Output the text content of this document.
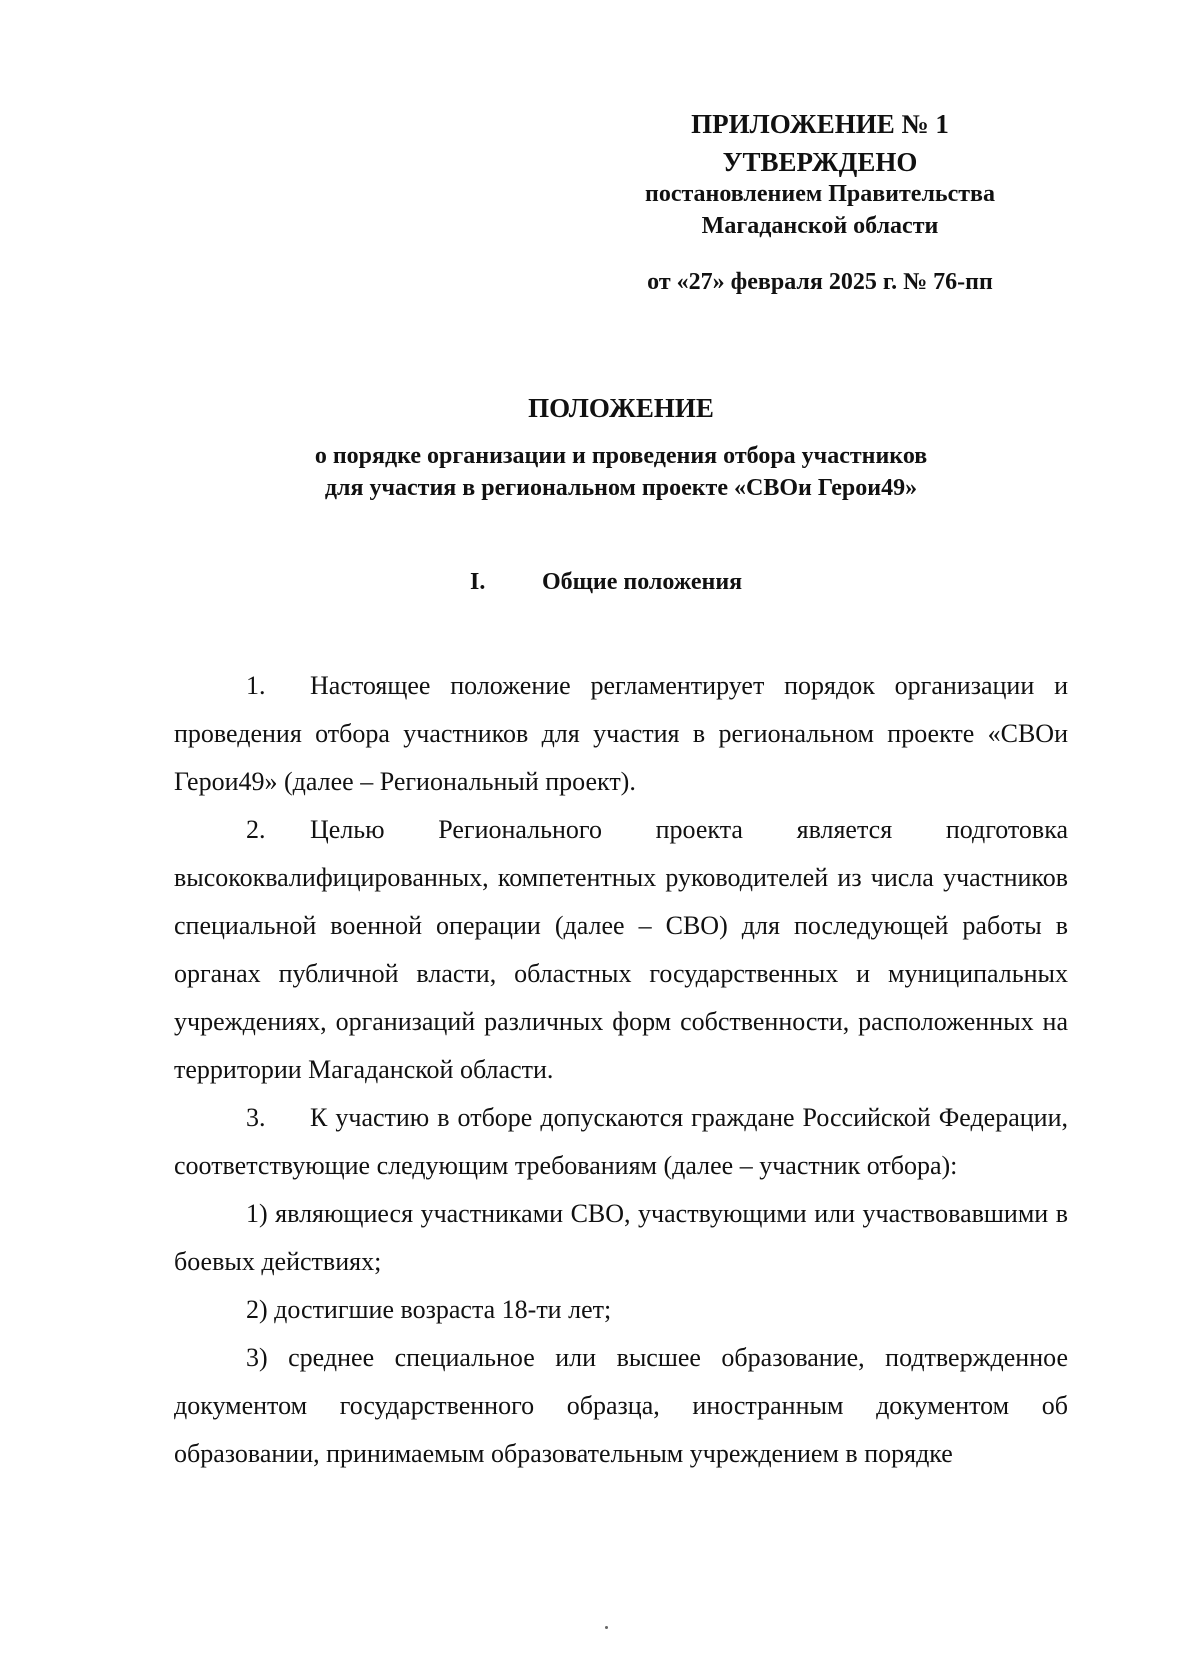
ПРИЛОЖЕНИЕ № 1
УТВЕРЖДЕНО
постановлением Правительства
Магаданской области
от «27» февраля 2025 г. № 76-пп
ПОЛОЖЕНИЕ
о порядке организации и проведения отбора участников
для участия в региональном проекте «СВОи Герои49»
I. Общие положения

1. Настоящее положение регламентирует порядок организации и проведения отбора участников для участия в региональном проекте «СВОи Герои49» (далее – Региональный проект).

2. Целью Регионального проекта является подготовка высококвалифицированных, компетентных руководителей из числа участников специальной военной операции (далее – СВО) для последующей работы в органах публичной власти, областных государственных и муниципальных учреждениях, организаций различных форм собственности, расположенных на территории Магаданской области.

3. К участию в отборе допускаются граждане Российской Федерации, соответствующие следующим требованиям (далее – участник отбора):

1) являющиеся участниками СВО, участвующими или участвовавшими в боевых действиях;

2) достигшие возраста 18-ти лет;

3) среднее специальное или высшее образование, подтвержденное документом государственного образца, иностранным документом об образовании, принимаемым образовательным учреждением в порядке
